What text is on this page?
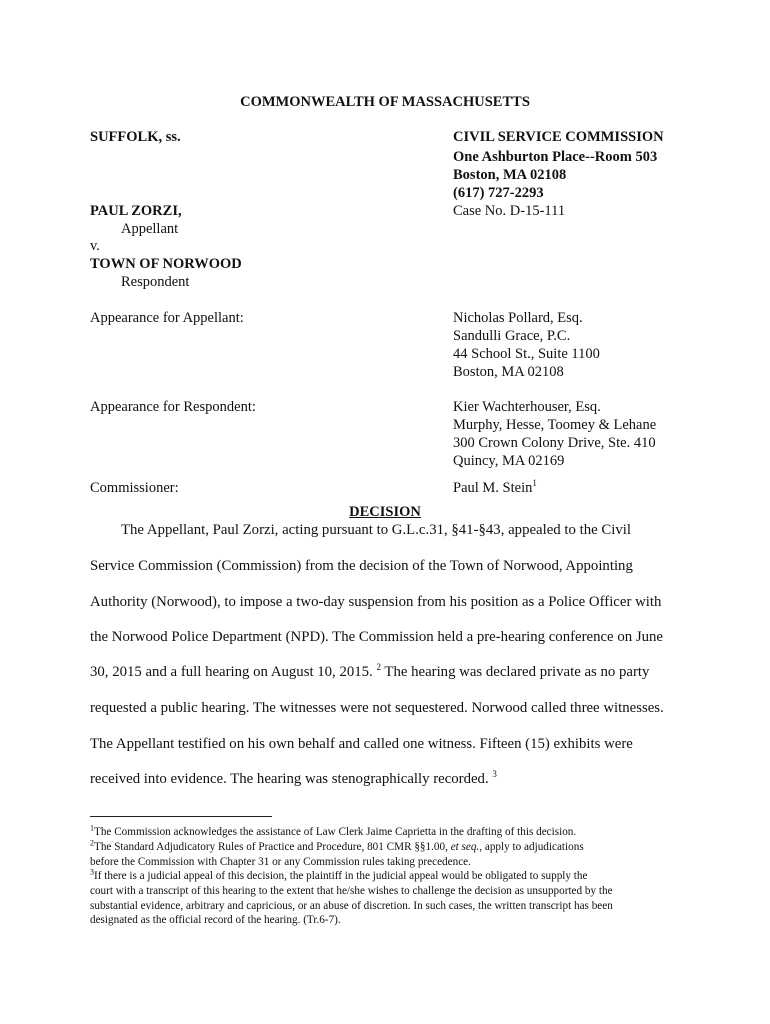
COMMONWEALTH OF MASSACHUSETTS
SUFFOLK, ss.	CIVIL SERVICE COMMISSION
One Ashburton Place--Room 503
Boston, MA 02108
(617) 727-2293
Case No. D-15-111
PAUL ZORZI,
Appellant
v.
TOWN OF NORWOOD
Respondent
Appearance for Appellant:	Nicholas Pollard, Esq.
Sandulli Grace, P.C.
44 School St., Suite 1100
Boston, MA 02108
Appearance for Respondent:	Kier Wachterhouser, Esq.
Murphy, Hesse, Toomey & Lehane
300 Crown Colony Drive, Ste. 410
Quincy, MA 02169
Commissioner:	Paul M. Stein$^1$
DECISION
The Appellant, Paul Zorzi, acting pursuant to G.L.c.31, §41-§43, appealed to the Civil
Service Commission (Commission) from the decision of the Town of Norwood, Appointing
Authority (Norwood), to impose a two-day suspension from his position as a Police Officer with
the Norwood Police Department (NPD). The Commission held a pre-hearing conference on June
30, 2015 and a full hearing on August 10, 2015. $^2$ The hearing was declared private as no party
requested a public hearing. The witnesses were not sequestered. Norwood called three witnesses.
The Appellant testified on his own behalf and called one witness. Fifteen (15) exhibits were
received into evidence. The hearing was stenographically recorded. $^3$
$^1$The Commission acknowledges the assistance of Law Clerk Jaime Caprietta in the drafting of this decision.
$^2$The Standard Adjudicatory Rules of Practice and Procedure, 801 CMR §§1.00, et seq., apply to adjudications
before the Commission with Chapter 31 or any Commission rules taking precedence.
$^3$If there is a judicial appeal of this decision, the plaintiff in the judicial appeal would be obligated to supply the
court with a transcript of this hearing to the extent that he/she wishes to challenge the decision as unsupported by the
substantial evidence, arbitrary and capricious, or an abuse of discretion. In such cases, the written transcript has been
designated as the official record of the hearing. (Tr.6-7).
